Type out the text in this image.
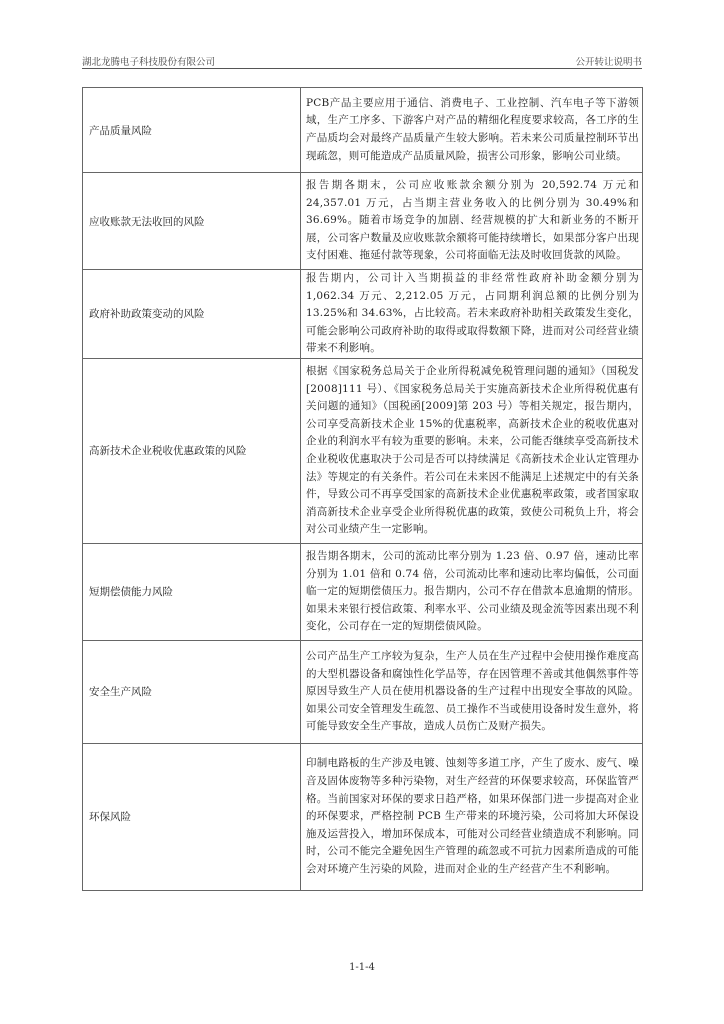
湖北龙腾电子科技股份有限公司	公开转让说明书
产品质量风险	PCB产品主要应用于通信、消费电子、工业控制、汽车电子等下游领域，生产工序多、下游客户对产品的精细化程度要求较高，各工序的生产品质均会对最终产品质量产生较大影响。若未来公司质量控制环节出现疏忽，则可能造成产品质量风险，损害公司形象，影响公司业绩。
应收账款无法收回的风险	报告期各期末，公司应收账款余额分别为 20,592.74 万元和24,357.01 万元，占当期主营业务收入的比例分别为 30.49%和 36.69%。随着市场竞争的加剧、经营规模的扩大和新业务的不断开展，公司客户数量及应收账款余额将可能持续增长，如果部分客户出现支付困难、拖延付款等现象，公司将面临无法及时收回货款的风险。
政府补助政策变动的风险	报告期内，公司计入当期损益的非经常性政府补助金额分别为 1,062.34 万元、2,212.05 万元，占同期利润总额的比例分别为 13.25%和 34.63%，占比较高。若未来政府补助相关政策发生变化，可能会影响公司政府补助的取得或取得数额下降，进而对公司经营业绩带来不利影响。
高新技术企业税收优惠政策的风险	根据《国家税务总局关于企业所得税减免税管理问题的通知》（国税发[2008]111 号）、《国家税务总局关于实施高新技术企业所得税优惠有关问题的通知》（国税函[2009]第 203 号）等相关规定，报告期内，公司享受高新技术企业 15%的优惠税率，高新技术企业的税收优惠对企业的利润水平有较为重要的影响。未来，公司能否继续享受高新技术企业税收优惠取决于公司是否可以持续满足《高新技术企业认定管理办法》等规定的有关条件。若公司在未来因不能满足上述规定中的有关条件，导致公司不再享受国家的高新技术企业优惠税率政策，或者国家取消高新技术企业享受企业所得税优惠的政策，致使公司税负上升，将会对公司业绩产生一定影响。
短期偿债能力风险	报告期各期末，公司的流动比率分别为 1.23 倍、0.97 倍，速动比率分别为 1.01 倍和 0.74 倍，公司流动比率和速动比率均偏低，公司面临一定的短期偿债压力。报告期内，公司不存在借款本息逾期的情形。如果未来银行授信政策、利率水平、公司业绩及现金流等因素出现不利变化，公司存在一定的短期偿债风险。
安全生产风险	公司产品生产工序较为复杂，生产人员在生产过程中会使用操作难度高的大型机器设备和腐蚀性化学品等，存在因管理不善或其他偶然事件等原因导致生产人员在使用机器设备的生产过程中出现安全事故的风险。如果公司安全管理发生疏忽、员工操作不当或使用设备时发生意外，将可能导致安全生产事故，造成人员伤亡及财产损失。
环保风险	印制电路板的生产涉及电镀、蚀刻等多道工序，产生了废水、废气、噪音及固体废物等多种污染物，对生产经营的环保要求较高，环保监管严格。当前国家对环保的要求日趋严格，如果环保部门进一步提高对企业的环保要求，严格控制 PCB 生产带来的环境污染，公司将加大环保设施及运营投入，增加环保成本，可能对公司经营业绩造成不利影响。同时，公司不能完全避免因生产管理的疏忽或不可抗力因素所造成的可能会对环境产生污染的风险，进而对企业的生产经营产生不利影响。
1-1-4
